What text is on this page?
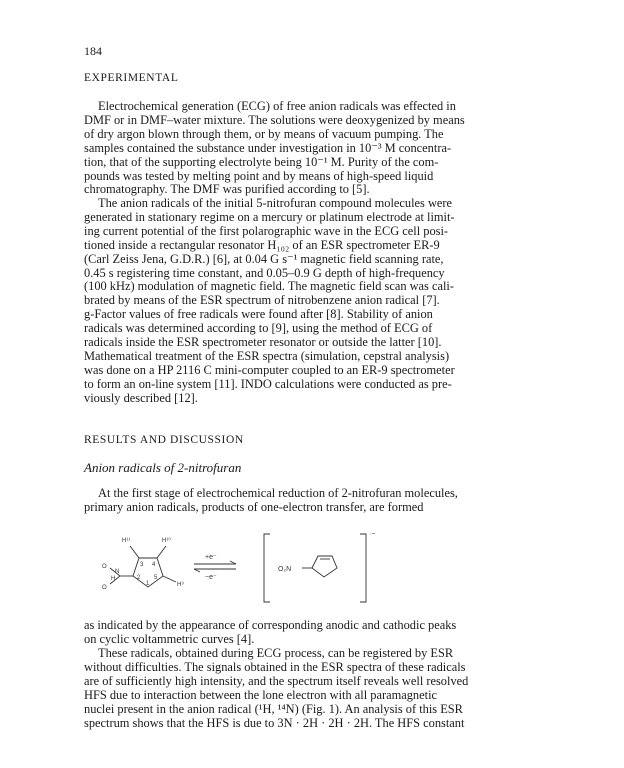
184
EXPERIMENTAL
Electrochemical generation (ECG) of free anion radicals was effected in
DMF or in DMF–water mixture. The solutions were deoxygenized by means
of dry argon blown through them, or by means of vacuum pumping. The
samples contained the substance under investigation in 10⁻³ M concentra-
tion, that of the supporting electrolyte being 10⁻¹ M. Purity of the com-
pounds was tested by melting point and by means of high-speed liquid
chromatography. The DMF was purified according to [5].
The anion radicals of the initial 5-nitrofuran compound molecules were
generated in stationary regime on a mercury or platinum electrode at limit-
ing current potential of the first polarographic wave in the ECG cell posi-
tioned inside a rectangular resonator H₁₀₂ of an ESR spectrometer ER-9
(Carl Zeiss Jena, G.D.R.) [6], at 0.04 G s⁻¹ magnetic field scanning rate,
0.45 s registering time constant, and 0.05–0.9 G depth of high-frequency
(100 kHz) modulation of magnetic field. The magnetic field scan was cali-
brated by means of the ESR spectrum of nitrobenzene anion radical [7].
g-Factor values of free radicals were found after [8]. Stability of anion
radicals was determined according to [9], using the method of ECG of
radicals inside the ESR spectrometer resonator or outside the latter [10].
Mathematical treatment of the ESR spectra (simulation, cepstral analysis)
was done on a HP 2116 C mini-computer coupled to an ER-9 spectrometer
to form an on-line system [11]. INDO calculations were conducted as pre-
viously described [12].
RESULTS AND DISCUSSION
Anion radicals of 2-nitrofuran
At the first stage of electrochemical reduction of 2-nitrofuran molecules,
primary anion radicals, products of one-electron transfer, are formed
H¹¹	H¹⁰
O
O
N
H
H⁹
3 4
5
2
1
+e⁻
−e⁻
O₂N
·−
as indicated by the appearance of corresponding anodic and cathodic peaks
on cyclic voltammetric curves [4].
These radicals, obtained during ECG process, can be registered by ESR
without difficulties. The signals obtained in the ESR spectra of these radicals
are of sufficiently high intensity, and the spectrum itself reveals well resolved
HFS due to interaction between the lone electron with all paramagnetic
nuclei present in the anion radical (¹H, ¹⁴N) (Fig. 1). An analysis of this ESR
spectrum shows that the HFS is due to 3N · 2H · 2H · 2H. The HFS constant
